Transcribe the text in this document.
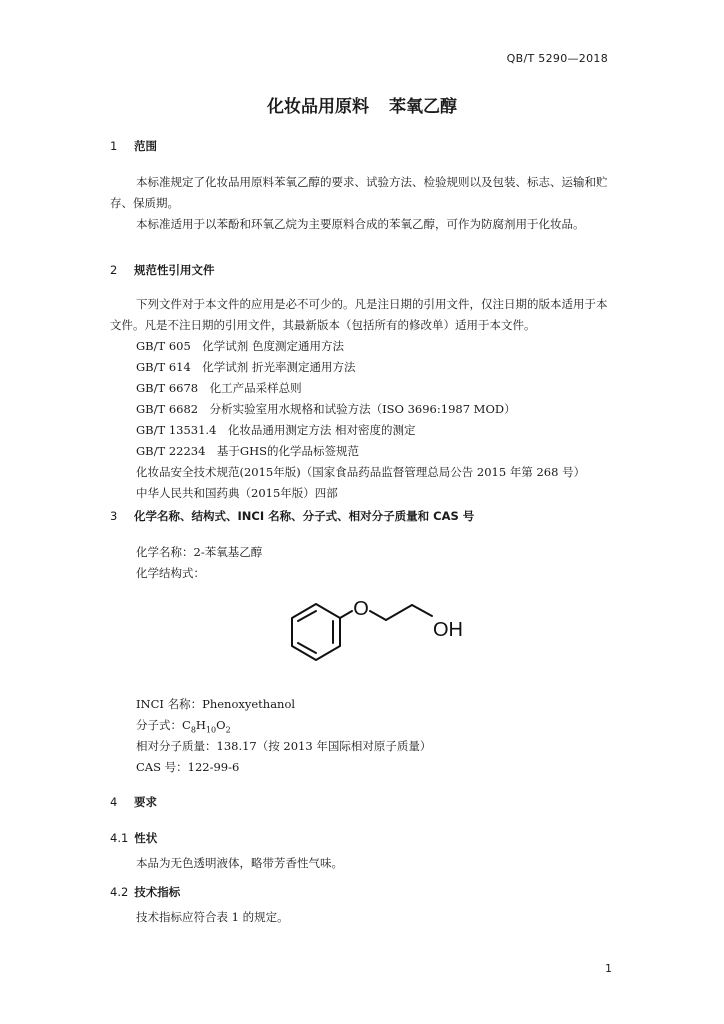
QB/T 5290—2018
化妆品用原料 苯氧乙醇
1 范围
本标准规定了化妆品用原料苯氧乙醇的要求、试验方法、检验规则以及包装、标志、运输和贮存、保质期。
本标准适用于以苯酚和环氧乙烷为主要原料合成的苯氧乙醇，可作为防腐剂用于化妆品。
2 规范性引用文件
下列文件对于本文件的应用是必不可少的。凡是注日期的引用文件，仅注日期的版本适用于本文件。凡是不注日期的引用文件，其最新版本（包括所有的修改单）适用于本文件。
GB/T 605　化学试剂 色度测定通用方法
GB/T 614　化学试剂 折光率测定通用方法
GB/T 6678　化工产品采样总则
GB/T 6682　分析实验室用水规格和试验方法（ISO 3696:1987 MOD）
GB/T 13531.4　化妆品通用测定方法 相对密度的测定
GB/T 22234　基于GHS的化学品标签规范
化妆品安全技术规范(2015年版)（国家食品药品监督管理总局公告 2015 年第 268 号）
中华人民共和国药典（2015年版）四部
3 化学名称、结构式、INCI 名称、分子式、相对分子质量和 CAS 号
化学名称：2-苯氧基乙醇
化学结构式：
O
OH
INCI 名称：Phenoxyethanol
分子式：$C_8H_{10}O_2$
相对分子质量：138.17（按 2013 年国际相对原子质量）
CAS 号：122-99-6
4 要求
4.1 性状
本品为无色透明液体，略带芳香性气味。
4.2 技术指标
技术指标应符合表 1 的规定。
1
